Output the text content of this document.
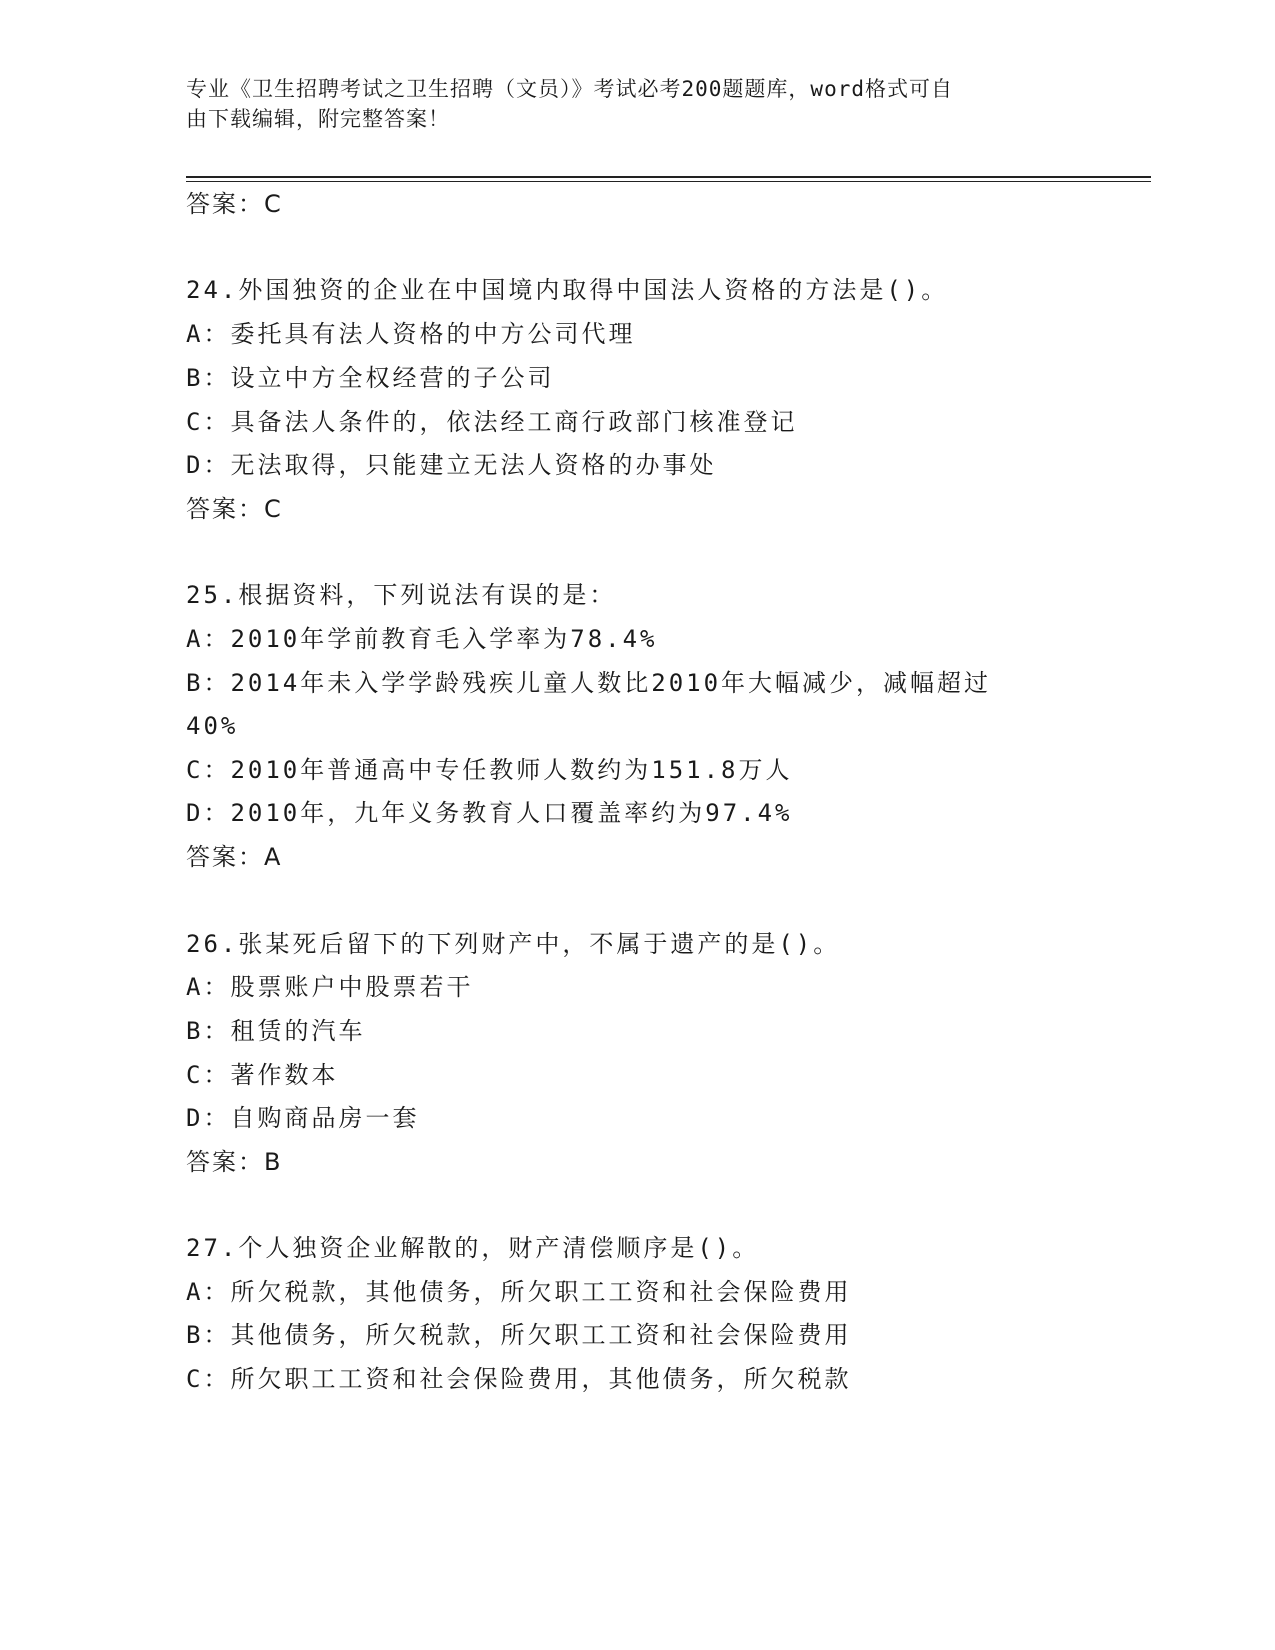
专业《卫生招聘考试之卫生招聘（文员）》考试必考200题题库，word格式可自
由下载编辑，附完整答案！
答案：C
24.外国独资的企业在中国境内取得中国法人资格的方法是()。
A：委托具有法人资格的中方公司代理
B：设立中方全权经营的子公司
C：具备法人条件的，依法经工商行政部门核准登记
D：无法取得，只能建立无法人资格的办事处
答案：C
25.根据资料，下列说法有误的是：
A：2010年学前教育毛入学率为78.4%
B：2014年未入学学龄残疾儿童人数比2010年大幅减少，减幅超过
40%
C：2010年普通高中专任教师人数约为151.8万人
D：2010年，九年义务教育人口覆盖率约为97.4%
答案：A
26.张某死后留下的下列财产中，不属于遗产的是()。
A：股票账户中股票若干
B：租赁的汽车
C：著作数本
D：自购商品房一套
答案：B
27.个人独资企业解散的，财产清偿顺序是()。
A：所欠税款，其他债务，所欠职工工资和社会保险费用
B：其他债务，所欠税款，所欠职工工资和社会保险费用
C：所欠职工工资和社会保险费用，其他债务，所欠税款
